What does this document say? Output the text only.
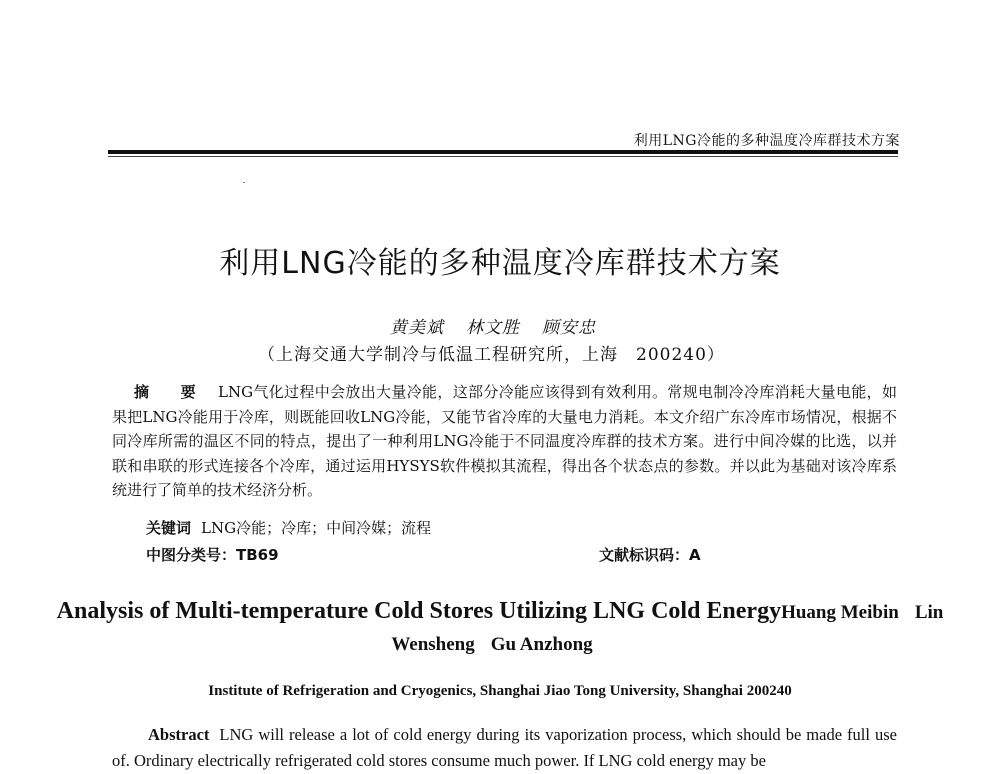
利用LNG冷能的多种温度冷库群技术方案
利用LNG冷能的多种温度冷库群技术方案
黄美斌 林文胜 顾安忠
（上海交通大学制冷与低温工程研究所，上海　200240）
摘　要 LNG气化过程中会放出大量冷能，这部分冷能应该得到有效利用。常规电制冷冷库消耗大量电能，如果把LNG冷能用于冷库，则既能回收LNG冷能，又能节省冷库的大量电力消耗。本文介绍广东冷库市场情况，根据不同冷库所需的温区不同的特点，提出了一种利用LNG冷能于不同温度冷库群的技术方案。进行中间冷媒的比选，以并联和串联的形式连接各个冷库，通过运用HYSYS软件模拟其流程，得出各个状态点的参数。并以此为基础对该冷库系统进行了简单的技术经济分析。
关键词 LNG冷能；冷库；中间冷媒；流程
中图分类号：TB69	文献标识码：A
Analysis of Multi-temperature Cold Stores Utilizing LNG Cold EnergyHuang Meibin Lin Wensheng Gu Anzhong
Institute of Refrigeration and Cryogenics, Shanghai Jiao Tong University, Shanghai 200240
Abstract LNG will release a lot of cold energy during its vaporization process, which should be made full use of. Ordinary electrically refrigerated cold stores consume much power. If LNG cold energy may be
